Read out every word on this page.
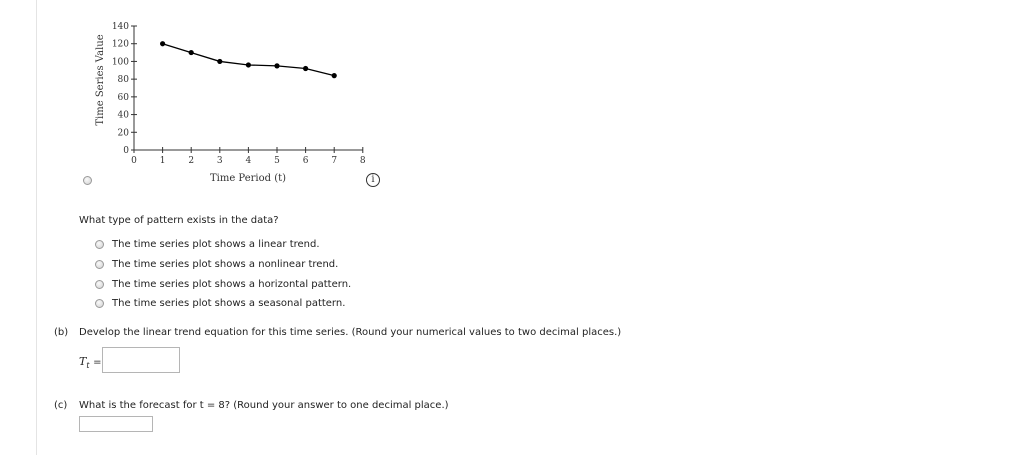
0
20
40
60
80
100
120
140
0	1	2	3	4	5	6	7	8
Time Period (t)
Time Series Value
i
What type of pattern exists in the data?
The time series plot shows a linear trend.
The time series plot shows a nonlinear trend.
The time series plot shows a horizontal pattern.
The time series plot shows a seasonal pattern.
(b) Develop the linear trend equation for this time series. (Round your numerical values to two decimal places.)
$T_t$ =
(c) What is the forecast for t = 8? (Round your answer to one decimal place.)
